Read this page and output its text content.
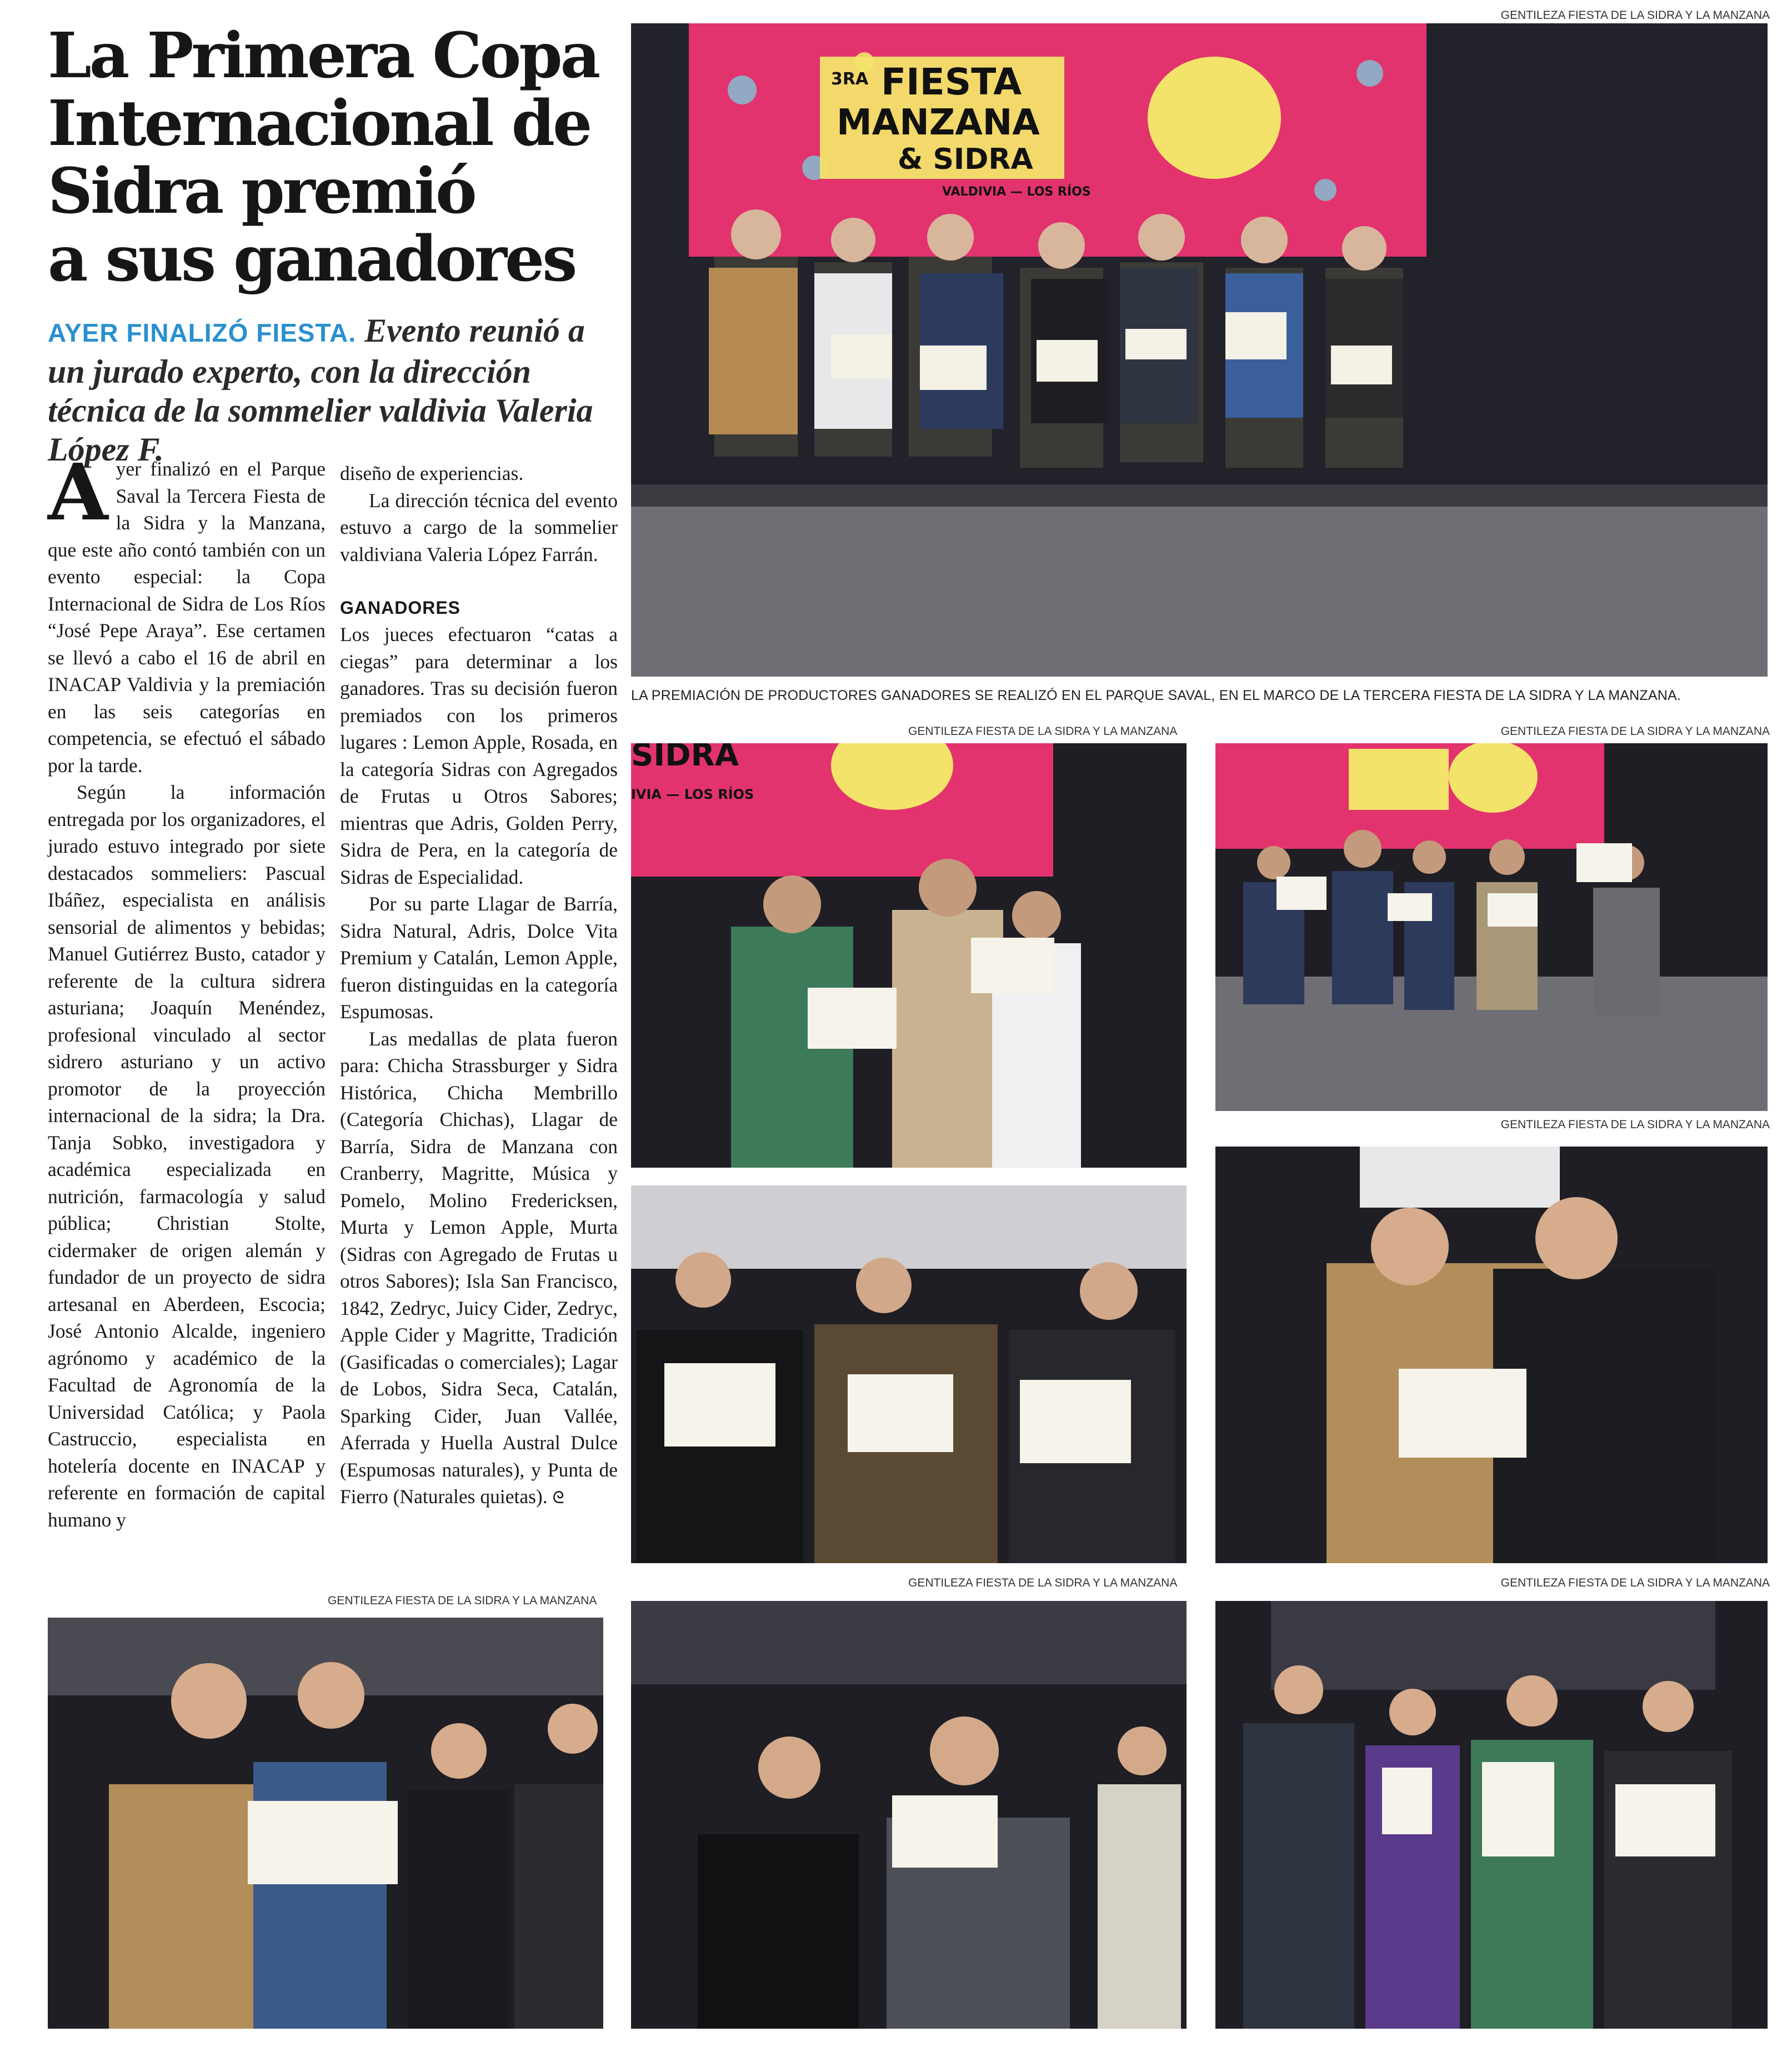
La Primera Copa
Internacional de
Sidra premió
a sus ganadores
AYER FINALIZÓ FIESTA. Evento reunió a un jurado experto, con la dirección técnica de la sommelier valdivia Valeria López F.

Ayer finalizó en el Parque Saval la Tercera Fiesta de la Sidra y la Manzana, que este año contó también con un evento especial: la Copa Internacional de Sidra de Los Ríos “José Pepe Araya”. Ese certamen se llevó a cabo el 16 de abril en INACAP Valdivia y la premiación en las seis categorías en competencia, se efectuó el sábado por la tarde.

Según la información entregada por los organizadores, el jurado estuvo integrado por siete destacados sommeliers: Pascual Ibáñez, especialista en análisis sensorial de alimentos y bebidas; Manuel Gutiérrez Busto, catador y referente de la cultura sidrera asturiana; Joaquín Menéndez, profesional vinculado al sector sidrero asturiano y un activo promotor de la proyección internacional de la sidra; la Dra. Tanja Sobko, investigadora y académica especializada en nutrición, farmacología y salud pública; Christian Stolte, cidermaker de origen alemán y fundador de un proyecto de sidra artesanal en Aberdeen, Escocia; José Antonio Alcalde, ingeniero agrónomo y académico de la Facultad de Agronomía de la Universidad Católica; y Paola Castruccio, especialista en hotelería docente en INACAP y referente en formación de capital humano y

diseño de experiencias.

La dirección técnica del evento estuvo a cargo de la sommelier valdiviana Valeria López Farrán.

GANADORES

Los jueces efectuaron “catas a ciegas” para determinar a los ganadores. Tras su decisión fueron premiados con los primeros lugares : Lemon Apple, Rosada, en la categoría Sidras con Agregados de Frutas u Otros Sabores; mientras que Adris, Golden Perry, Sidra de Pera, en la categoría de Sidras de Especialidad.

Por su parte Llagar de Barría, Sidra Natural, Adris, Dolce Vita Premium y Catalán, Lemon Apple, fueron distinguidas en la categoría Espumosas.

Las medallas de plata fueron para: Chicha Strassburger y Sidra Histórica, Chicha Membrillo (Categoría Chichas), Llagar de Barría, Sidra de Manzana con Cranberry, Magritte, Música y Pomelo, Molino Fredericksen, Murta y Lemon Apple, Murta (Sidras con Agregado de Frutas u otros Sabores); Isla San Francisco, 1842, Zedryc, Juicy Cider, Zedryc, Apple Cider y Magritte, Tradición (Gasificadas o comerciales); Lagar de Lobos, Sidra Seca, Catalán, Sparking Cider, Juan Vallée, Aferrada y Huella Austral Dulce (Espumosas naturales), y Punta de Fierro (Naturales quietas). ᘓ

GENTILEZA FIESTA DE LA SIDRA Y LA MANZANA
GENTILEZA FIESTA DE LA SIDRA Y LA MANZANA	GENTILEZA FIESTA DE LA SIDRA Y LA MANZANA
GENTILEZA FIESTA DE LA SIDRA Y LA MANZANA
GENTILEZA FIESTA DE LA SIDRA Y LA MANZANA
GENTILEZA FIESTA DE LA SIDRA Y LA MANZANA	GENTILEZA FIESTA DE LA SIDRA Y LA MANZANA
LA PREMIACIÓN DE PRODUCTORES GANADORES SE REALIZÓ EN EL PARQUE SAVAL, EN EL MARCO DE LA TERCERA FIESTA DE LA SIDRA Y LA MANZANA.
3RA FIESTA
MANZANA
& SIDRA
VALDIVIA — LOS RÍOS
SIDRA
IVIA — LOS RÍOS
